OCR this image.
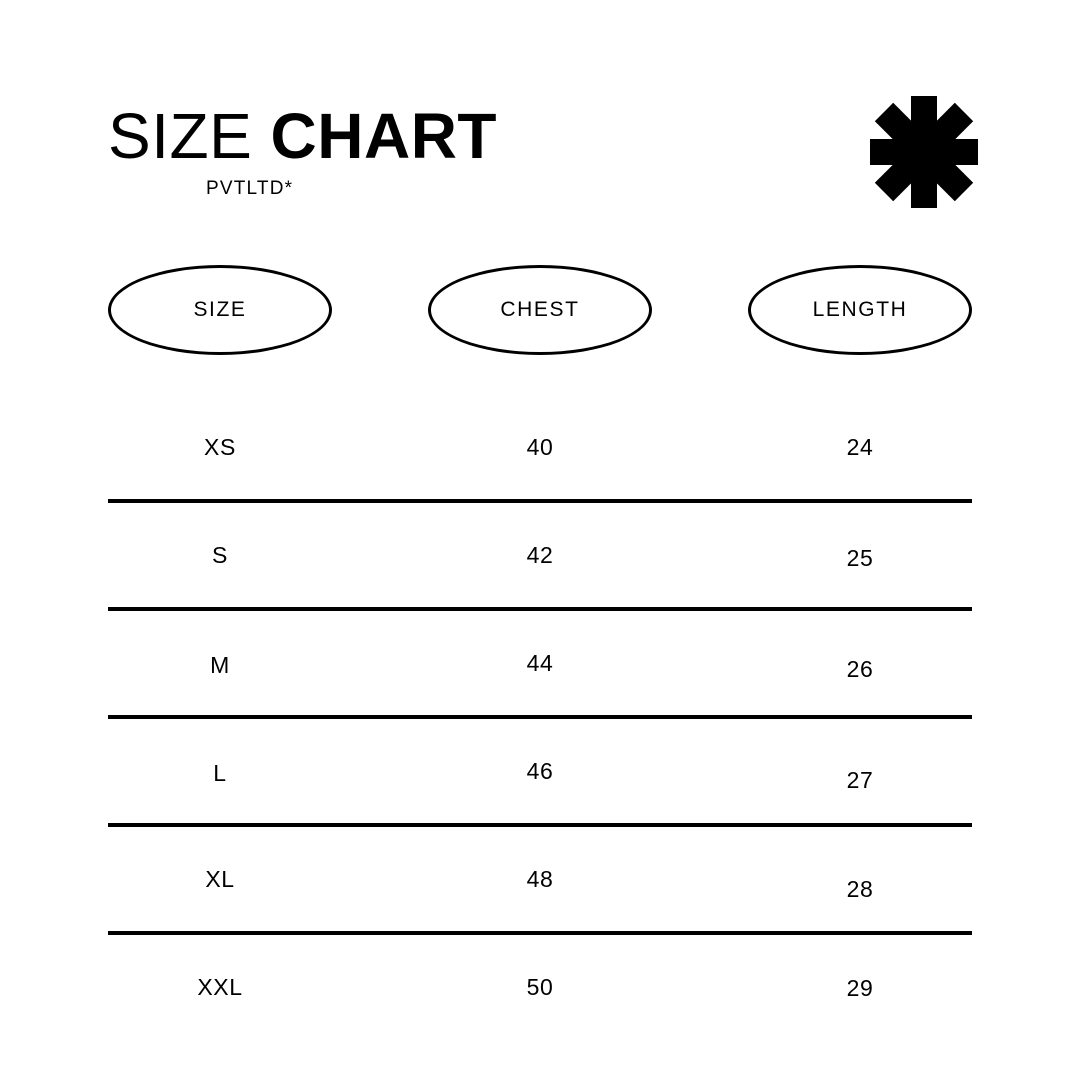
SIZE CHART
PVTLTD*
SIZE	CHEST	LENGTH
XS	40	24
S	42	25
M	44	26
L	46	27
XL	48	28
XXL	50	29
